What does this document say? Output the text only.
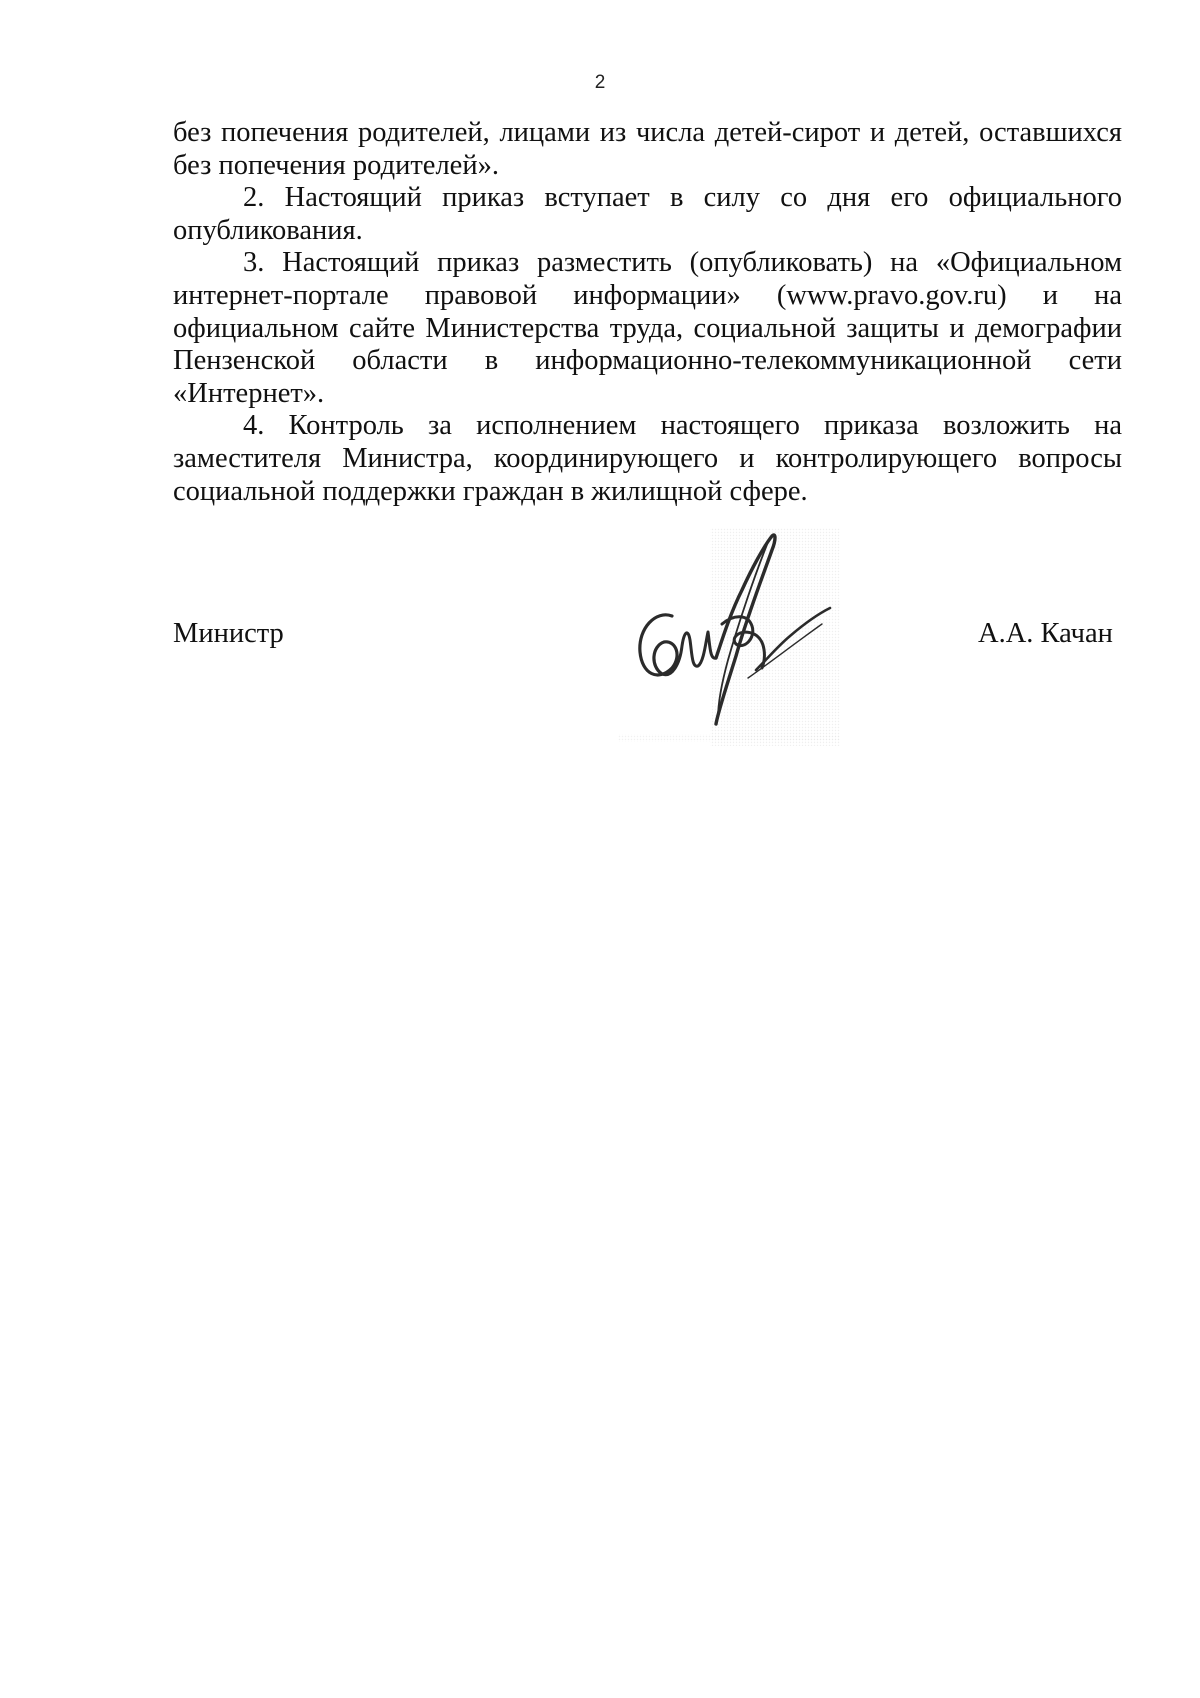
2

без попечения родителей, лицами из числа детей-сирот и детей, оставшихся без попечения родителей».

2. Настоящий приказ вступает в силу со дня его официального опубликования.

3. Настоящий приказ разместить (опубликовать) на «Официальном интернет-портале правовой информации» (www.pravo.gov.ru) и на официальном сайте Министерства труда, социальной защиты и демографии Пензенской области в информационно-телекоммуникационной сети «Интернет».

4. Контроль за исполнением настоящего приказа возложить на заместителя Министра, координирующего и контролирующего вопросы социальной поддержки граждан в жилищной сфере.

Министр	А.А. Качан
